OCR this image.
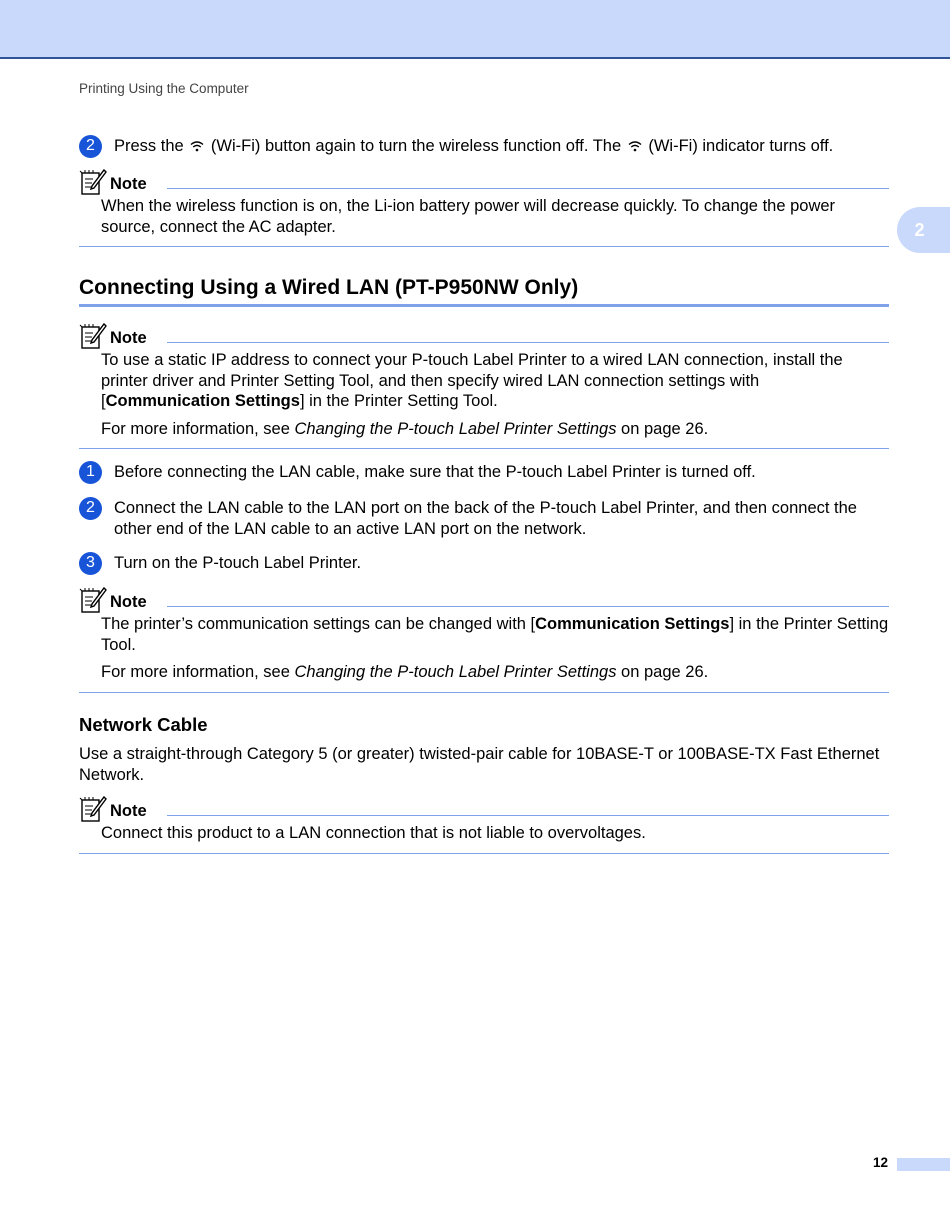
Printing Using the Computer
2
2	Press the (Wi-Fi) button again to turn the wireless function off. The (Wi-Fi) indicator turns off.
Note

When the wireless function is on, the Li-ion battery power will decrease quickly. To change the power source, connect the AC adapter.

Connecting Using a Wired LAN (PT-P950NW Only)
Note

To use a static IP address to connect your P-touch Label Printer to a wired LAN connection, install the printer driver and Printer Setting Tool, and then specify wired LAN connection settings with [Communication Settings] in the Printer Setting Tool.

For more information, see Changing the P-touch Label Printer Settings on page 26.

1	Before connecting the LAN cable, make sure that the P-touch Label Printer is turned off.
2	Connect the LAN cable to the LAN port on the back of the P-touch Label Printer, and then connect the other end of the LAN cable to an active LAN port on the network.
3	Turn on the P-touch Label Printer.
Note

The printer’s communication settings can be changed with [Communication Settings] in the Printer Setting Tool.

For more information, see Changing the P-touch Label Printer Settings on page 26.

Network Cable
Use a straight-through Category 5 (or greater) twisted-pair cable for 10BASE-T or 100BASE-TX Fast Ethernet Network.
Note

Connect this product to a LAN connection that is not liable to overvoltages.

12
